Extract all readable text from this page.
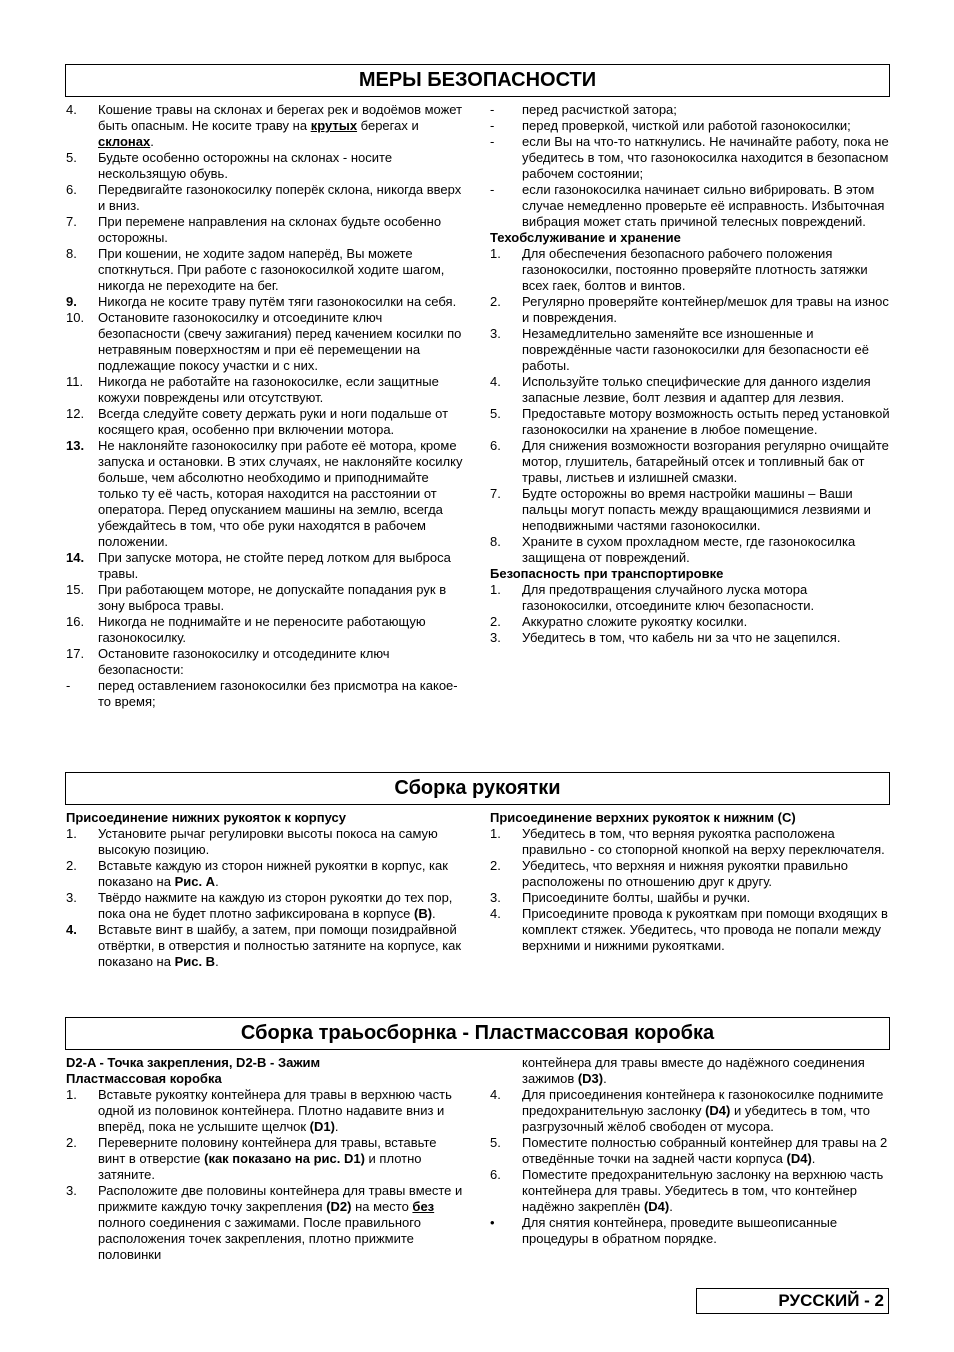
МЕРЫ БЕЗОПАСНОСТИ
4.	Кошение травы на склонах и берегах рек и водоёмов может быть опасным. Не косите траву на крутых берегах и склонах.
5.	Будьте особенно осторожны на склонах - носите нескользящую обувь.
6.	Передвигайте газонокосилку поперёк склона, никогда вверх и вниз.
7.	При перемене направления на склонах будьте особенно осторожны.
8.	При кошении, не ходите задом наперёд, Вы можете споткнуться. При работе с газонокосилкой ходите шагом, никогда не переходите на бег.
9.	Никогда не косите траву путём тяги газонокосилки на себя.
10.	Остановите газонокосилку и отсоедините ключ безопасности (свечу зажигания) перед качением косилки по нетравяным поверхностям и при её перемещении на подлежащие покосу участки и с них.
11.	Никогда не работайте на газонокосилке, если защитные кожухи повреждены или отсутствуют.
12.	Всегда следуйте совету держать руки и ноги подальше от косящего края, особенно при включении мотора.
13.	Не наклоняйте газонокосилку при работе её мотора, кроме запуска и остановки. В этих случаях, не наклоняйте косилку больше, чем абсолютно необходимо и приподнимайте только ту её часть, которая находится на расстоянии от оператора. Перед опусканием машины на землю, всегда убеждайтесь в том, что обе руки находятся в рабочем положении.
14.	При запуске мотора, не стойте перед лотком для выброса травы.
15.	При работающем моторе, не допускайте попадания рук в зону выброса травы.
16.	Никогда не поднимайте и не переносите работающую газонокосилку.
17.	Остановите газонокосилку и отсодедините ключ безопасности:
-	перед оставлением газонокосилки без присмотра на какое-то время;
-	перед расчисткой затора;
-	перед проверкой, чисткой или работой газонокосилки;
-	если Вы на что-то наткнулись. Не начинайте работу, пока не убедитесь в том, что газонокосилка находится в безопасном рабочем состоянии;
-	если газонокосилка начинает сильно вибрировать. В этом случае немедленно проверьте её исправность. Избыточная вибрация может стать причиной телесных повреждений.
Техобслуживание и хранение
1.	Для обеспечения безопасного рабочего положения газонокосилки, постоянно проверяйте плотность затяжки всех гаек, болтов и винтов.
2.	Регулярно проверяйте контейнер/мешок для травы на износ и повреждения.
3.	Незамедлительно заменяйте все изношенные и повреждённые части газонокосилки для безопасности её работы.
4.	Используйте только специфические для данного изделия запасные лезвие, болт лезвия и адаптер для лезвия.
5.	Предоставьте мотору возможность остыть перед установкой газонокосилки на хранение в любое помещение.
6.	Для снижения возможности возгорания регулярно очищайте мотор, глушитель, батарейный отсек и топливный бак от травы, листьев и излишней смазки.
7.	Будте осторожны во время настройки машины – Ваши пальцы могут попасть между вращающимися лезвиями и неподвижными частями газонокосилки.
8.	Храните в сухом прохладном месте, где газонокосилка защищена от повреждений.
Безопасность при транспортировке
1.	Для предотвращения случайного луска мотора газонокосилки, отсоедините ключ безопасности.
2.	Аккуратно сложите рукоятку косилки.
3.	Убедитесь в том, что кабель ни за что не зацепился.
Сборка рукоятки
Присоединение нижних рукояток к корпусу
1.	Установите рычаг регулировки высоты покоса на самую высокую позицию.
2.	Вставьте каждую из сторон нижней рукоятки в корпус, как показано на Рис. A.
3.	Твёрдо нажмите на каждую из сторон рукоятки до тех пор, пока она не будет плотно зафиксирована в корпусе (B).
4.	Вставьте винт в шайбу, а затем, при помощи позидрайвной отвёртки, в отверстия и полностью затяните на корпусе, как показано на Рис. B.
Присоединение верхних рукояток к нижним (C)
1.	Убедитесь в том, что верняя рукоятка расположена правильно - со стопорной кнопкой на верху переключателя.
2.	Убедитесь, что верхняя и нижняя рукоятки правильно расположены по отношению друг к другу.
3.	Присоедините болты, шайбы и ручки.
4.	Присоедините провода к рукояткам при помощи входящих в комплект стяжек. Убедитесь, что провода не попали между верхними и нижними рукоятками.
Сборка траьосборнка - Пластмассовая коробка
D2-A - Точка закрепления, D2-B - Зажим
Пластмассовая коробка
1.	Вставьте рукоятку контейнера для травы в верхнюю часть одной из половинок контейнера. Плотно надавите вниз и вперёд, пока не услышите щелчок (D1).
2.	Переверните половину контейнера для травы, вставьте винт в отверстие (как показано на рис. D1) и плотно затяните.
3.	Расположите две половины контейнера для травы вместе и прижмите каждую точку закрепления (D2) на место без полного соединения с зажимами. После правильного расположения точек закрепления, плотно прижмите половинки
контейнера для травы вместе до надёжного соединения зажимов (D3).
4.	Для присоединения контейнера к газонокосилке поднимите предохранительную заслонку (D4) и убедитесь в том, что разгрузочный жёлоб свободен от мусора.
5.	Поместите полностью собранный контейнер для травы на 2 отведённые точки на задней части корпуса (D4).
6.	Поместите предохранительную заслонку на верхнюю часть контейнера для травы. Убедитесь в том, что контейнер надёжно закреплён (D4).
•	Для снятия контейнера, проведите вышеописанные процедуры в обратном порядке.
РУССКИЙ - 2
